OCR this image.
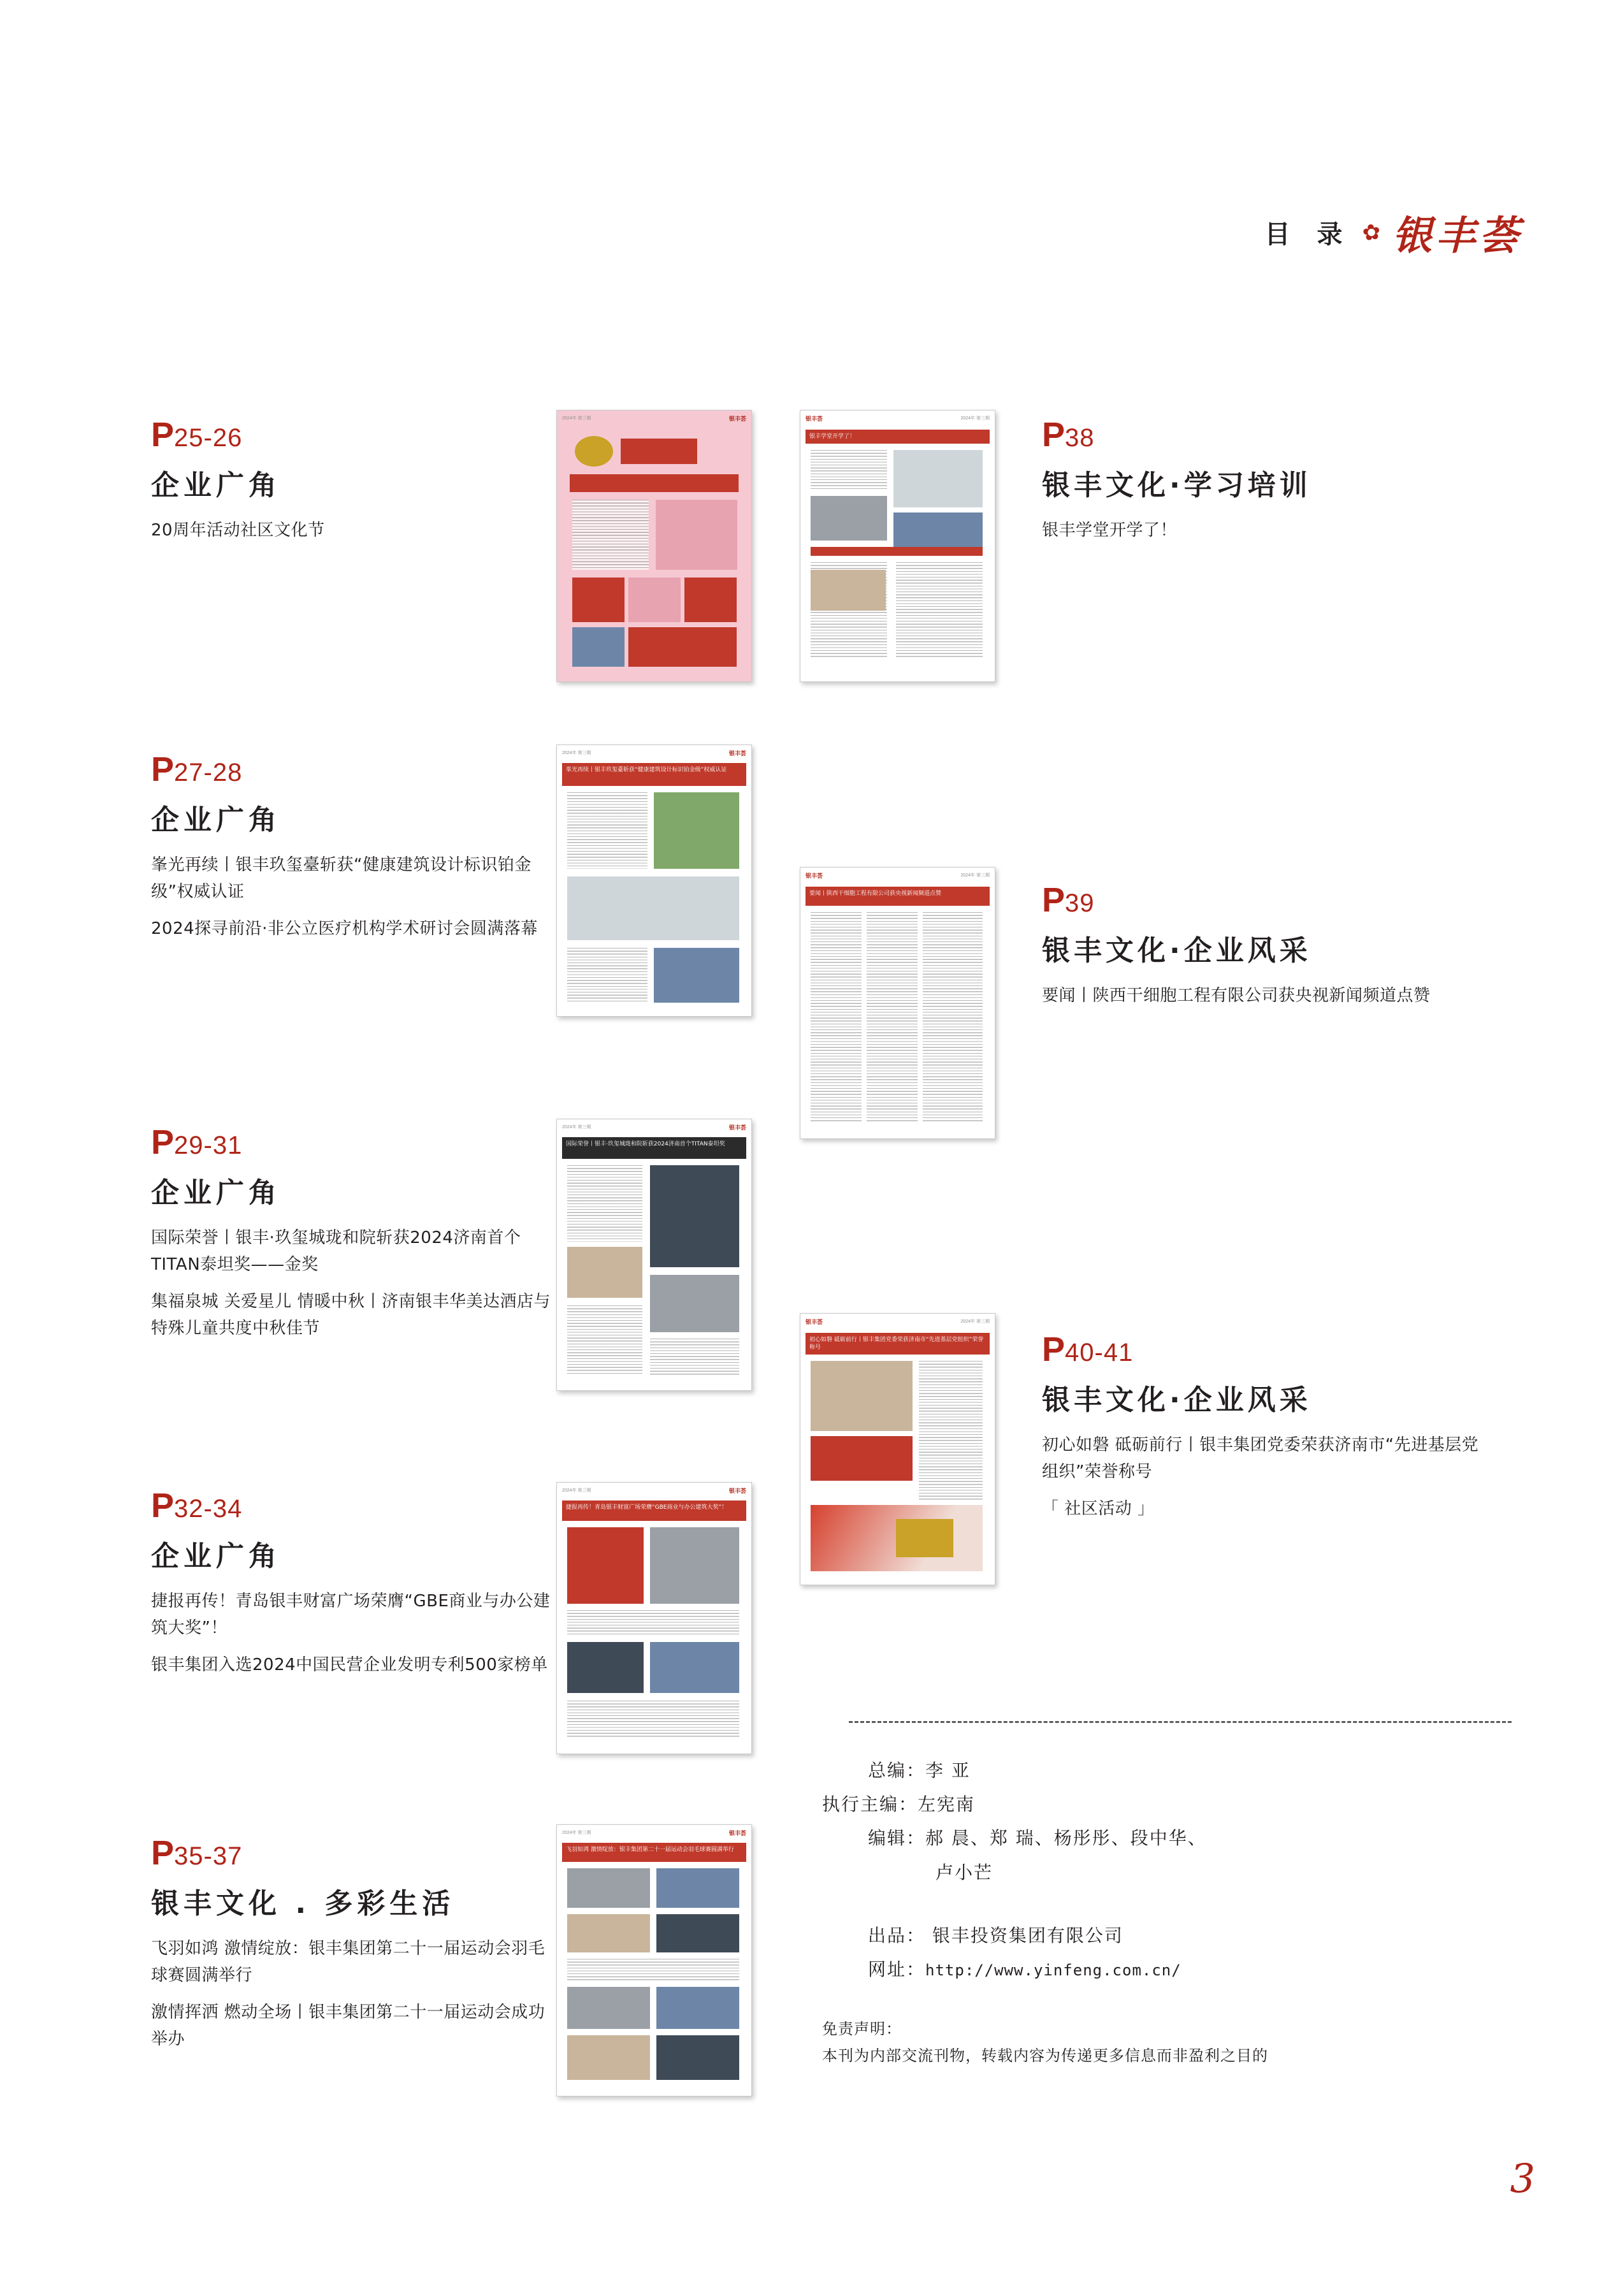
目 录 ✿ 银丰荟
P25-26
企业广角
20周年活动社区文化节
P27-28
企业广角
峯光再续丨银丰玖玺臺斩获“健康建筑设计标识铂金级”权威认证
2024探寻前沿·非公立医疗机构学术研讨会圆满落幕
P29-31
企业广角
国际荣誉丨银丰·玖玺城珑和院斩获2024济南首个TITAN泰坦奖——金奖
集福泉城 关爱星儿 情暖中秋丨济南银丰华美达酒店与特殊儿童共度中秋佳节
P32-34
企业广角
捷报再传！青岛银丰财富广场荣膺“GBE商业与办公建筑大奖”！
银丰集团入选2024中国民营企业发明专利500家榜单
P35-37
银丰文化 . 多彩生活
飞羽如鸿 激情绽放：银丰集团第二十一届运动会羽毛球赛圆满举行
激情挥洒 燃动全场丨银丰集团第二十一届运动会成功举办
P38
银丰文化·学习培训
银丰学堂开学了！
P39
银丰文化·企业风采
要闻丨陕西干细胞工程有限公司获央视新闻频道点赞
P40-41
银丰文化·企业风采
初心如磐 砥砺前行丨银丰集团党委荣获济南市“先进基层党组织”荣誉称号
「 社区活动 」
2024年 第三期	银丰荟	银丰荟	2024年 第三期
银丰学堂开学了！
2024年 第三期	银丰荟
峯光再续丨银丰玖玺臺斩获“健康建筑设计标识铂金级”权威认证
银丰荟	2024年 第三期
要闻丨陕西干细胞工程有限公司获央视新闻频道点赞
2024年 第三期	银丰荟
国际荣誉丨银丰·玖玺城珑和院斩获2024济南首个TITAN泰坦奖
银丰荟	2024年 第三期
初心如磐 砥砺前行丨银丰集团党委荣获济南市“先进基层党组织”荣誉称号
2024年 第三期	银丰荟
捷报再传！青岛银丰财富广场荣膺“GBE商业与办公建筑大奖”！
2024年 第三期	银丰荟
飞羽如鸿 激情绽放：银丰集团第二十一届运动会羽毛球赛圆满举行
总编：李 亚
执行主编：左宪南
编辑：郝 晨、郑 瑞、杨彤彤、段中华、
卢小芒
出品： 银丰投资集团有限公司
网址：http://www.yinfeng.com.cn/
免责声明：
本刊为内部交流刊物，转载内容为传递更多信息而非盈利之目的
3
